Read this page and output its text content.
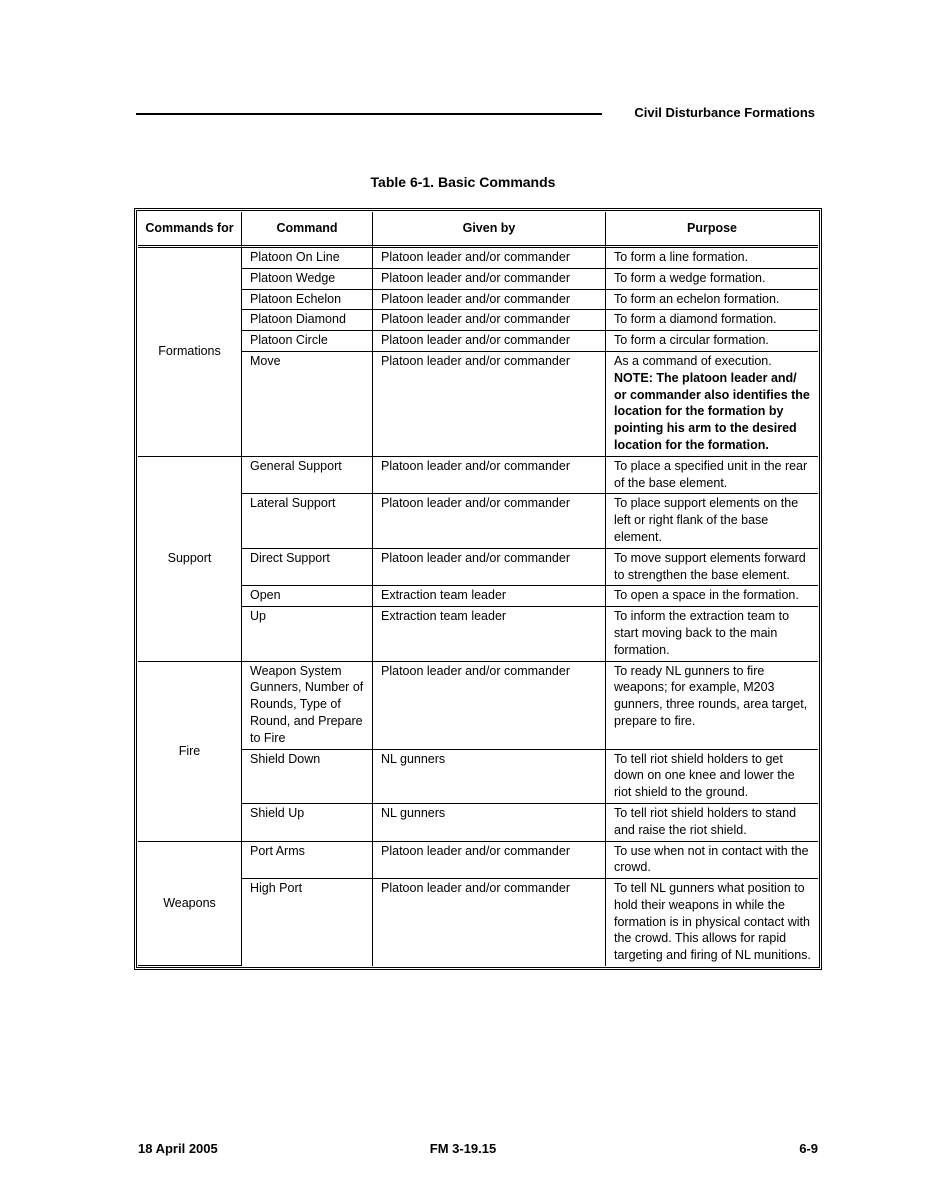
Civil Disturbance Formations
Table 6-1. Basic Commands
Commands for	Command	Given by	Purpose
Formations	Platoon On Line	Platoon leader and/or commander	To form a line formation.

	Platoon Wedge	Platoon leader and/or commander	To form a wedge formation.

	Platoon Echelon	Platoon leader and/or commander	To form an echelon formation.

	Platoon Diamond	Platoon leader and/or commander	To form a diamond formation.

	Platoon Circle	Platoon leader and/or commander	To form a circular formation.

	Move	Platoon leader and/or commander	As a command of execution.
NOTE: The platoon leader and/ or commander also identifies the location for the formation by pointing his arm to the desired location for the formation.

Support	General Support	Platoon leader and/or commander	To place a specified unit in the rear of the base element.

	Lateral Support	Platoon leader and/or commander	To place support elements on the left or right flank of the base element.

	Direct Support	Platoon leader and/or commander	To move support elements forward to strengthen the base element.

	Open	Extraction team leader	To open a space in the formation.

	Up	Extraction team leader	To inform the extraction team to start moving back to the main formation.

Fire	Weapon System Gunners, Number of Rounds, Type of Round, and Prepare to Fire	Platoon leader and/or commander	To ready NL gunners to fire weapons; for example, M203 gunners, three rounds, area target, prepare to fire.

	Shield Down	NL gunners	To tell riot shield holders to get down on one knee and lower the riot shield to the ground.

	Shield Up	NL gunners	To tell riot shield holders to stand and raise the riot shield.

Weapons	Port Arms	Platoon leader and/or commander	To use when not in contact with the crowd.

	High Port	Platoon leader and/or commander	To tell NL gunners what position to hold their weapons in while the formation is in physical contact with the crowd. This allows for rapid targeting and firing of NL munitions.
18 April 2005	FM 3-19.15	6-9
